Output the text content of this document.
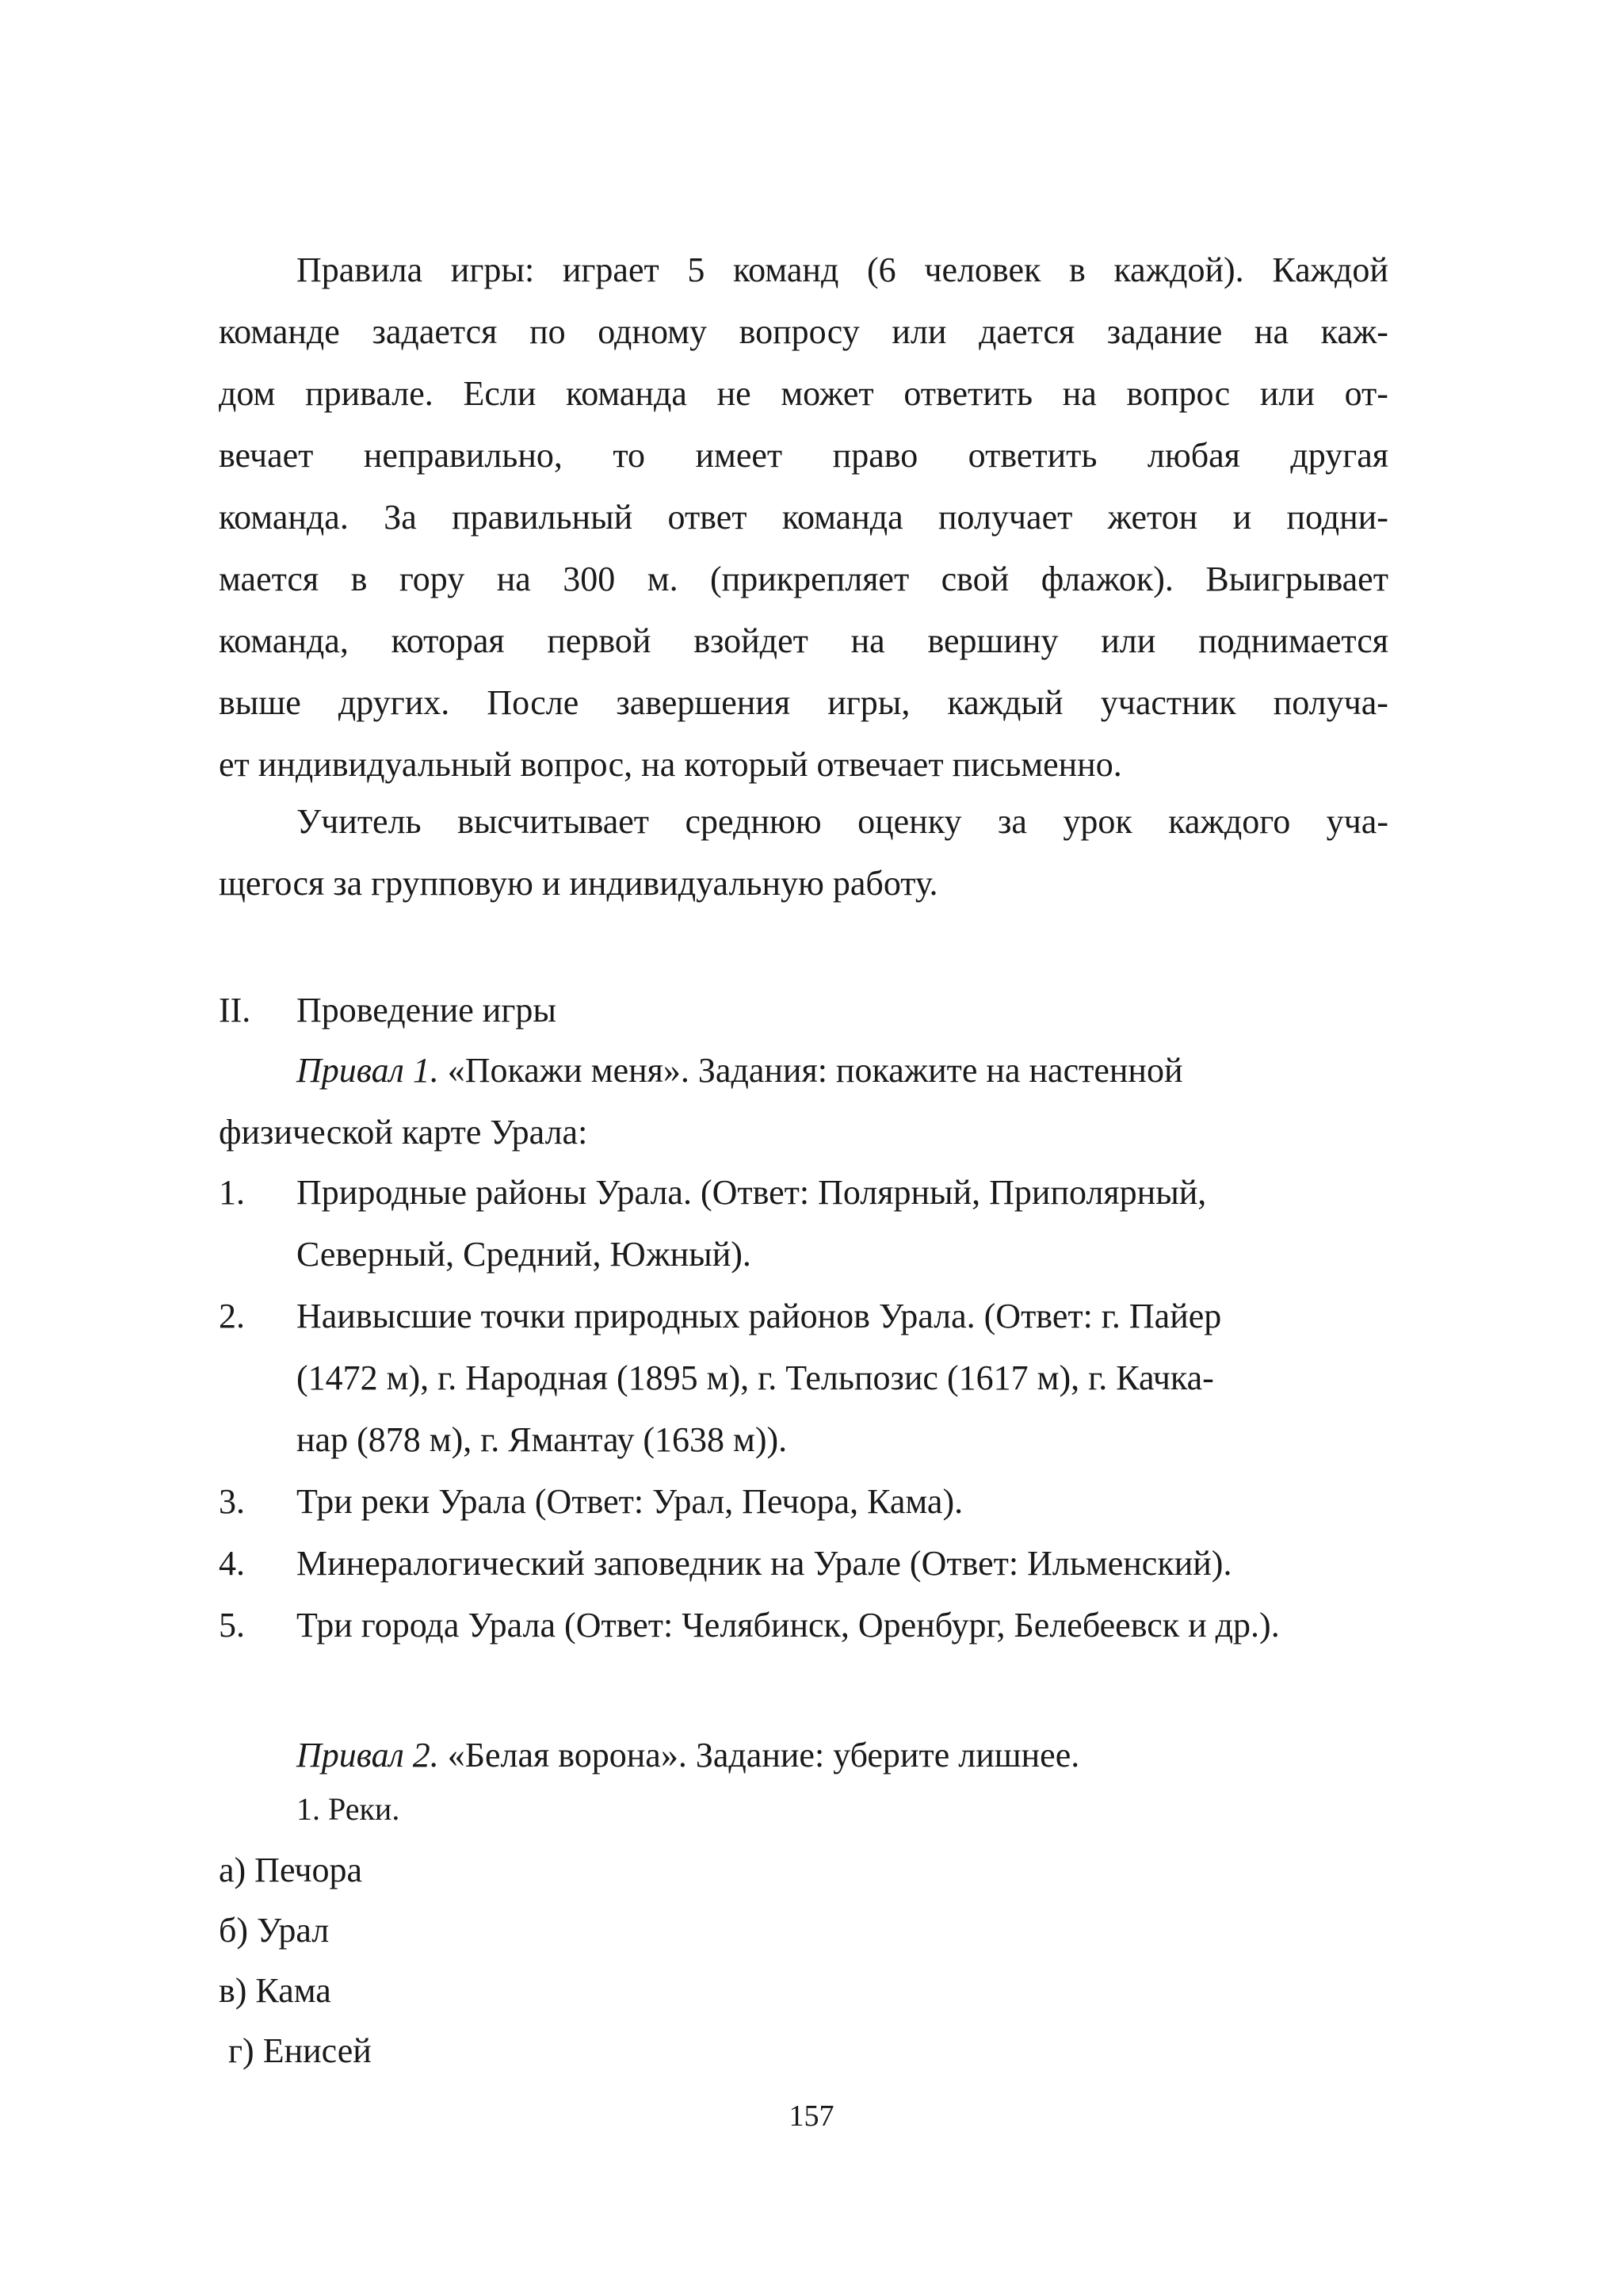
Правила игры: играет 5 команд (6 человек в каждой). Каждой
команде задается по одному вопросу или дается задание на каж-
дом привале. Если команда не может ответить на вопрос или от-
вечает неправильно, то имеет право ответить любая другая
команда. За правильный ответ команда получает жетон и подни-
мается в гору на 300 м. (прикрепляет свой флажок). Выигрывает
команда, которая первой взойдет на вершину или поднимается
выше других. После завершения игры, каждый участник получа-
ет индивидуальный вопрос, на который отвечает письменно.
Учитель высчитывает среднюю оценку за урок каждого уча-
щегося за групповую и индивидуальную работу.
II. Проведение игры
Привал 1. «Покажи меня». Задания: покажите на настенной
физической карте Урала:
1. Природные районы Урала. (Ответ: Полярный, Приполярный,
Северный, Средний, Южный).
2. Наивысшие точки природных районов Урала. (Ответ: г. Пайер
(1472 м), г. Народная (1895 м), г. Тельпозис (1617 м), г. Качка-
нар (878 м), г. Ямантау (1638 м)).
3. Три реки Урала (Ответ: Урал, Печора, Кама).
4. Минералогический заповедник на Урале (Ответ: Ильменский).
5. Три города Урала (Ответ: Челябинск, Оренбург, Белебеевск и др.).
Привал 2. «Белая ворона». Задание: уберите лишнее.
1. Реки.
а) Печора
б) Урал
в) Кама
г) Енисей
157
